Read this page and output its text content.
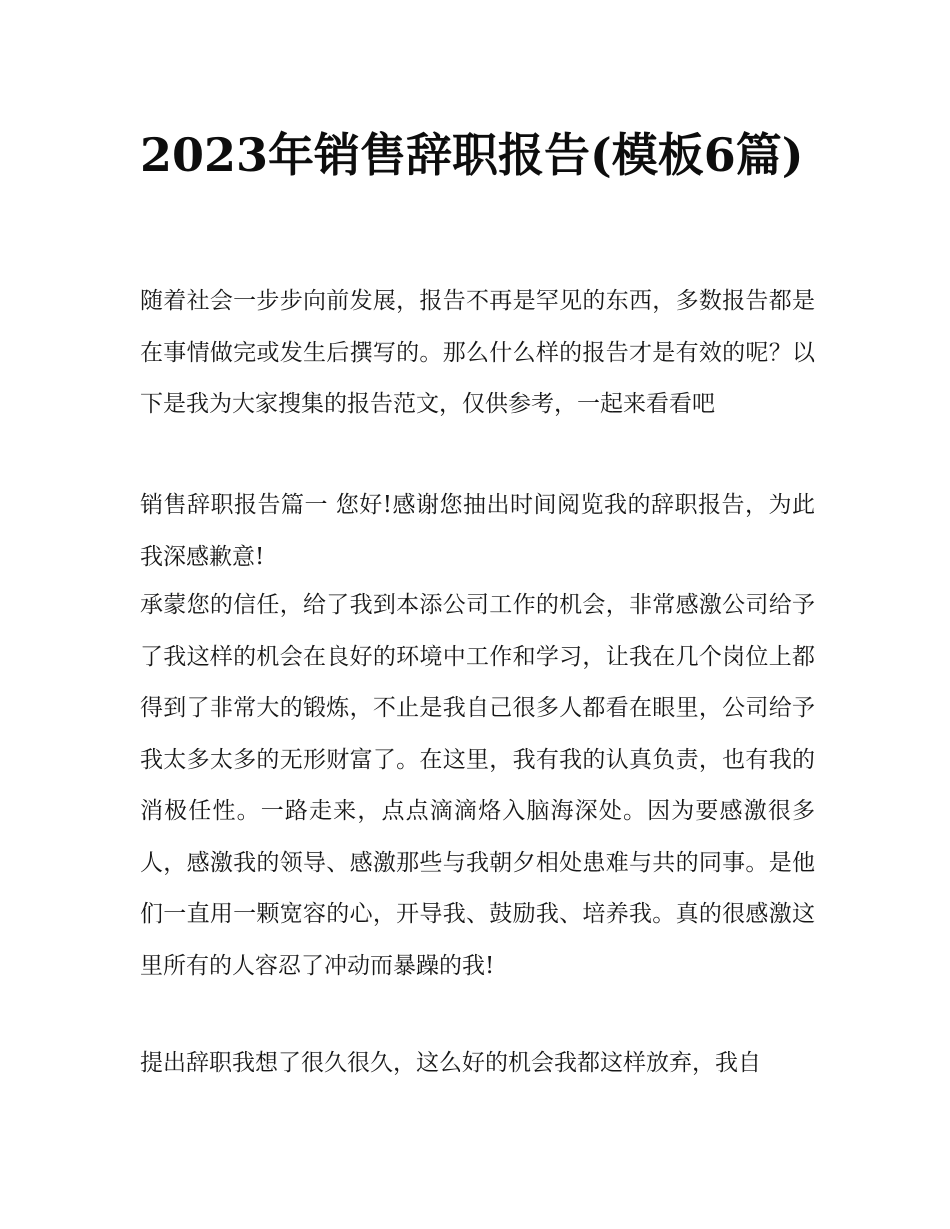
2023年销售辞职报告(模板6篇)

随着社会一步步向前发展，报告不再是罕见的东西，多数报告都是在事情做完或发生后撰写的。那么什么样的报告才是有效的呢？以下是我为大家搜集的报告范文，仅供参考，一起来看看吧

销售辞职报告篇一 您好!感谢您抽出时间阅览我的辞职报告，为此我深感歉意!

承蒙您的信任，给了我到本添公司工作的机会，非常感激公司给予了我这样的机会在良好的环境中工作和学习，让我在几个岗位上都得到了非常大的锻炼，不止是我自己很多人都看在眼里，公司给予我太多太多的无形财富了。在这里，我有我的认真负责，也有我的消极任性。一路走来，点点滴滴烙入脑海深处。因为要感激很多人，感激我的领导、感激那些与我朝夕相处患难与共的同事。是他们一直用一颗宽容的心，开导我、鼓励我、培养我。真的很感激这里所有的人容忍了冲动而暴躁的我!

提出辞职我想了很久很久，这么好的机会我都这样放弃，我自
